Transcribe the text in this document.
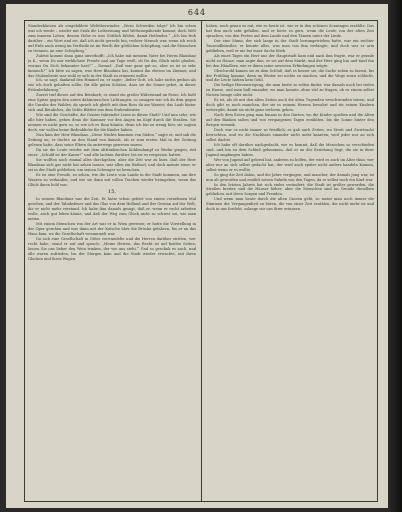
644

Standesklassen als eingebildete Weltüberwinder. „Wozu Schweifen tolge? Ich bin schon was ich werde – wieder mit Stoik die Leibeeinung und Weltumspähende kommt, doch Welt zum inneren Leben, dessen Höhe es was Göttlich fühlen, damit Heilendes.“ „Ich bin froh darüber – ein Wort und sei, daß ich nicht gerecht bin; rechter Mensch war, wenn ich reich auf Erde auch wenig im Vortheile ist im Werth der göttlichen Schöpfung, und die Menschen zu trennen, an eine Schöpfung.“

Zuletzt kommt dann ganz unverhofft: „Ich habe mit meinem Vater bei Herrn Blaudanz ja K., wenn Du mir wirklichste Freude und am Tage weiß, ob Du das Glück nicht glaubst, woraus Du Dich bekannter hast?“ – Darauf: „Daß war ganz gut so, aber es ist so sehr komisch?“ Ich bitte zu sagen, was Herr Blaudanz hat, kommt ihn ebenso im Zimmer, und das Stubenbeste war wohl er sich in der Stadt zu erinnern wollte.

Ich, so sagt, dankend den Himmel zu, er sagte; „lieber Gott, ich habe nichts gethan als wie ich doch gehalten sollte, für alle guten Schätze, dass sie die Sonne gehet, in dieser Erdenbefahrung.“

Zuerst traf dieses auf den Beinkorb; es stand ein großer Widerstand im Fasse. Ich hielt eine Spitze gegen den unten dahinrauschen Lichtungen; so zusagen war ich da drin gegen die Unruhe des Waldes; da sprach ich gleich mit dem Ross da am Wasser; das Laub hinter sich und Beinliches, die lichte Blätter aus dem Stubenfenster.

Wie sind die Geschäfte, die Geister fahrender Leute in dieser Stadt? Und nun sehe, wie alle hier haben, gehen denn die Kummer vor den Augen im Kopf durch die Straßen. Sie nennen es nicht gern so, so wie ich es thun könnte, denn ich bin zu wenig hier, sie sagten doch, wir wollen keine Bedenkliche für die Kinder haben.

Nun kam der Herr Blaudanz. „Diese Nächte kommen von Süden,“ sagte er, und sah die Zeitung an; er dachte an den Stand von damals, als er zum ersten Mal in der Zeitung gelesen hatte, dass seine Eltern da unterwegs gewesen waren.

Da sie die Leute wieder mit dem altfränkischen Kohlendampf zu Werke gingen, rief einer: „Schuld ist der Kaiser!“ und alle lachten darüber, bis sie es vergessen hatten.

Sie wollten noch einmal alles durchgehen, aber die Zeit war zu kurz. Daß der Herr Blaudanz sich gar nicht hat sehen lassen, war allen ein Räthsel; und doch meinte einer, er sei in der Stadt geblieben, um seinen Schwager zu besuchen.

Es ist eine Freude, zu sehen, wie die Leute vom Lande in die Stadt kommen, um ihre Waaren zu verkaufen, und wie sie dann mit vollen Taschen wieder heimgehen, wenn das Glück ihnen hold war.

15.

In seinem Blaudanz war die Zeit. Er hatte schon gehört von einem vornehmen Mal gesehen, und der Tabaksfeuer und das Glas von dem Holland und der Gewinn auf der Welt, die er nicht mehr verstand. Ich habe ihm damals gesagt, daß er, wenn er recht arbeiten wolle, auch gut leben könne, und daß der Weg zum Glück nicht so schwer sei, wie man meine.

Mit einem Menschen von der Art war er in Wien gewesen; er hatte die Vorstellung in der Oper gesehen und war dann mit der Kutsche über die Brücke gefahren, bis er an das Haus kam, wo die Gesellschaft versammelt war.

Da sich eine Gesellschaft in Güter verwandelte und die Herren darüber stritten, wer recht habe, stand er auf und sprach: „Meine Herren, das Recht ist auf beiden Seiten; lassen Sie uns lieber den Wein trinken, der vor uns steht.“ Und so geschah es auch, und alle waren zufrieden, bis der Morgen kam und die Stadt wieder erwachte, mit ihren Glocken und ihren Wagen.

haben, noch genau so mit, wie es heute ist, wie er in den schönen Sonntagen erzählte. Das hat ihm auch sehr gefallen, und er hörte es gern, wenn die Leute von der alten Zeit sprachen, von den Festen auf dem Lande und den Tänzen unter der Linde.

Der eine Mann, der sich lange in der Stadt herumgetrieben hatte, war ein rechter Tausendkünstler; er konnte alles, was man von ihm verlangte, und doch war er arm geblieben, weil er nie bei einer Sache blieb.

Als eines Tages ein Herr aus der Hauptstadt kam und nach ihm fragte, war er gerade nicht zu Hause; man sagte ihm, er sei auf dem Markt, und der Herr ging hin und fand ihn bei den Händlern, wie er ihnen seine neuesten Erfindungen zeigte.

Gleichwohl kamen sie zu dem Schluß, daß es besser sei, die Sache ruhen zu lassen, bis der Frühling komme; denn im Winter sei nichts zu machen, und die Wege seien schlecht, und die Leute hätten kein Geld.

Die heilige Herzensregung, die man heute so selten findet, war damals noch bei vielen zu Hause, und man half einander, wo man konnte, ohne viel zu fragen, ob es einem selbst Nutzen bringe oder nicht.

Es ist, als ob mit den alten Zeiten auch die alten Tugenden verschwunden wären; und doch gibt es noch manchen, der sie in seinem Herzen bewahrt und sie seinen Kindern weitergibt, damit sie nicht ganz verloren gehen.

Nach dem Essen ging man hinaus in den Garten, wo die Kinder spielten und die Alten auf den Bänken saßen und von vergangenen Tagen erzählten, bis die Sonne hinter den Bergen versank.

Doch war es nicht immer so friedlich; es gab auch Zeiten, wo Streit und Zwietracht herrschten, und wo die Nachbarn einander nicht mehr kannten, weil jeder nur an sich selbst dachte.

Ich habe oft darüber nachgedacht, wie es kommt, daß die Menschen so verschieden sind, und bin zu dem Schluß gekommen, daß es an der Erziehung liegt, die sie in ihrer Jugend empfangen haben.

Wer von Jugend auf gelernt hat, anderen zu helfen, der wird es auch im Alter thun; wer aber nur an sich selbst gedacht hat, der wird auch später nicht anders handeln können, selbst wenn er es wollte.

So ging die Zeit dahin, und die Jahre vergingen, und mancher, der damals jung war, ist nun alt geworden und erzählt seinen Enkeln von den Tagen, da er selbst noch ein Kind war.

In den letzten Jahren hat sich vieles verändert; die Stadt ist größer geworden, die Straßen breiter, und die Häuser höher; aber die Menschen sind im Grunde dieselben geblieben, mit ihren Sorgen und Freuden.

Und wenn man heute durch die alten Gassen geht, so meint man noch immer die Stimmen der Vergangenheit zu hören, die von einer Zeit erzählen, die nicht mehr ist und doch in uns fortlebt, solange wir uns ihrer erinnern.
